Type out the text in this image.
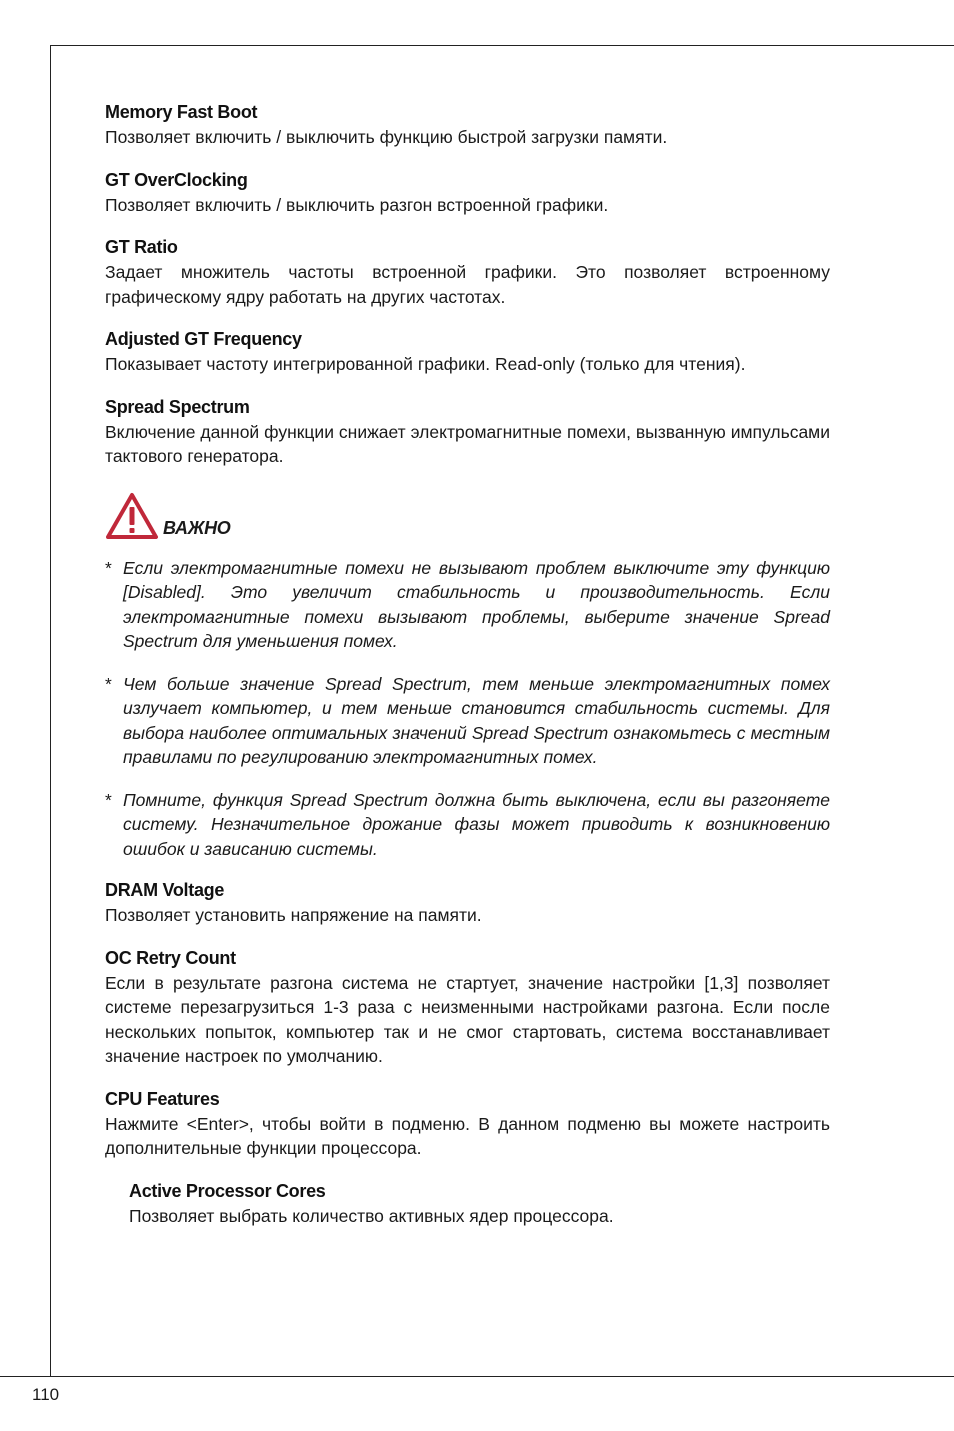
Memory Fast Boot

Позволяет включить / выключить функцию быстрой загрузки памяти.

GT OverClocking

Позволяет включить / выключить разгон встроенной графики.

GT Ratio

Задает множитель частоты встроенной графики. Это позволяет встроенному графическому ядру работать на других частотах.

Adjusted GT Frequency

Показывает частоту интегрированной графики. Read-only (только для чтения).

Spread Spectrum

Включение данной функции снижает электромагнитные помехи, вызванную импульсами тактового генератора.

ВАЖНО
* Если электромагнитные помехи не вызывают проблем выключите эту функцию [Disabled]. Это увеличит стабильность и производительность. Если электромагнитные помехи вызывают проблемы, выберите значение Spread Spectrum для уменьшения помех.
* Чем больше значение Spread Spectrum, тем меньше электромагнитных помех излучает компьютер, и тем меньше становится стабильность системы. Для выбора наиболее оптимальных значений Spread Spectrum ознакомьтесь с местным правилами по регулированию электромагнитных помех.
* Помните, функция Spread Spectrum должна быть выключена, если вы разгоняете систему. Незначительное дрожание фазы может приводить к возникновению ошибок и зависанию системы.
DRAM Voltage

Позволяет установить напряжение на памяти.

OC Retry Count

Если в результате разгона система не стартует, значение настройки [1,3] позволяет системе перезагрузиться 1-3 раза с неизменными настройками разгона. Если после нескольких попыток, компьютер так и не смог стартовать, система восстанавливает значение настроек по умолчанию.

CPU Features

Нажмите <Enter>, чтобы войти в подменю. В данном подменю вы можете настроить дополнительные функции процессора.

Active Processor Cores

Позволяет выбрать количество активных ядер процессора.

110
